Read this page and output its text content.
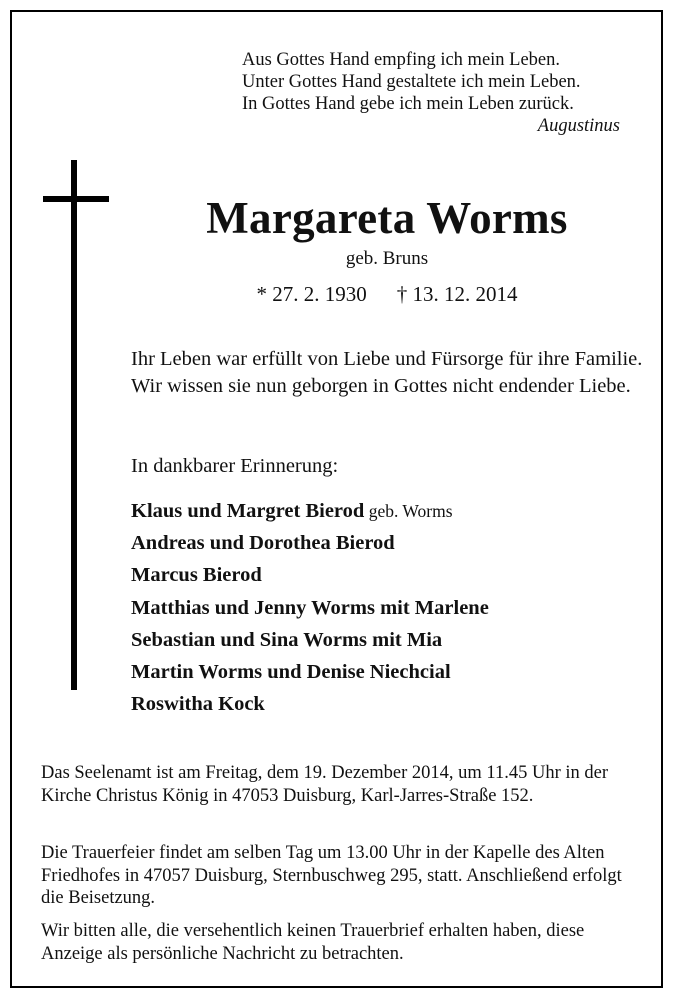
Aus Gottes Hand empfing ich mein Leben.
Unter Gottes Hand gestaltete ich mein Leben.
In Gottes Hand gebe ich mein Leben zurück.
Augustinus
Margareta Worms
geb. Bruns
* 27. 2. 1930 † 13. 12. 2014
Ihr Leben war erfüllt von Liebe und Fürsorge für ihre Familie. Wir wissen sie nun geborgen in Gottes nicht endender Liebe.
In dankbarer Erinnerung:
Klaus und Margret Bierod geb. Worms
Andreas und Dorothea Bierod
Marcus Bierod
Matthias und Jenny Worms mit Marlene
Sebastian und Sina Worms mit Mia
Martin Worms und Denise Niechcial
Roswitha Kock
Das Seelenamt ist am Freitag, dem 19. Dezember 2014, um 11.45 Uhr in der Kirche Christus König in 47053 Duisburg, Karl-Jarres-Straße 152.
Die Trauerfeier findet am selben Tag um 13.00 Uhr in der Kapelle des Alten Friedhofes in 47057 Duisburg, Sternbuschweg 295, statt. Anschließend erfolgt die Beisetzung.
Wir bitten alle, die versehentlich keinen Trauerbrief erhalten haben, diese Anzeige als persönliche Nachricht zu betrachten.
